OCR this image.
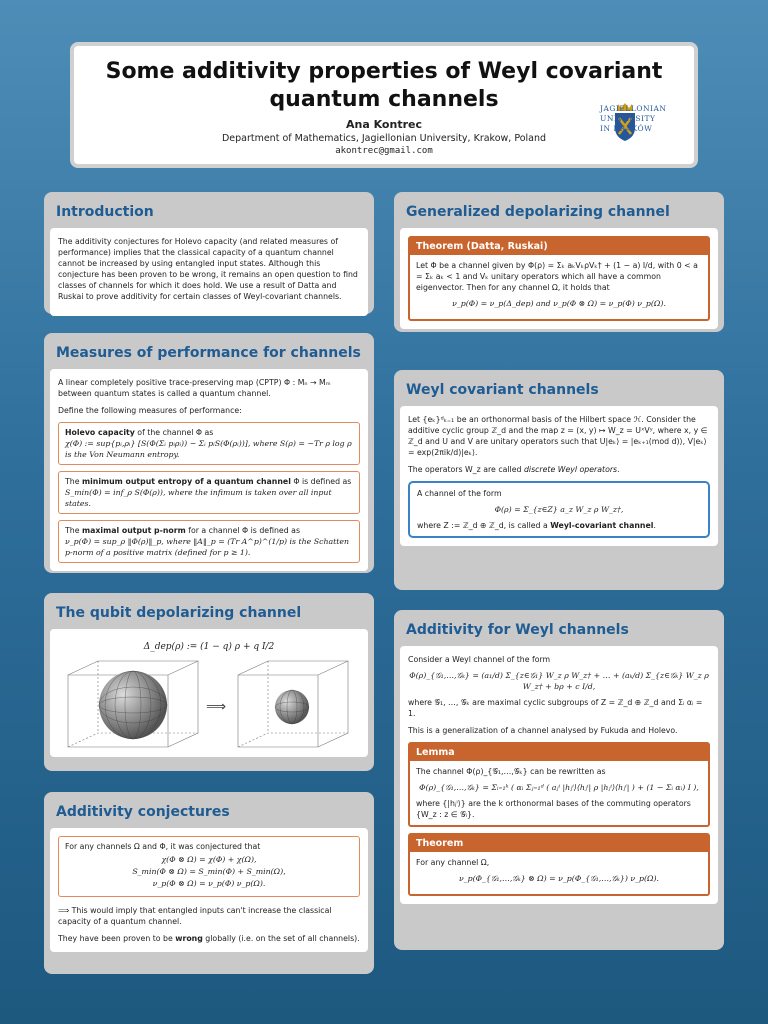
Some additivity properties of Weyl covariant quantum channels
Ana Kontrec
Department of Mathematics, Jagiellonian University, Krakow, Poland
akontrec@gmail.com
JAGIELLONIAN
UNIVERSITY
IN KRAKÓW
Introduction

The additivity conjectures for Holevo capacity (and related measures of performance) implies that the classical capacity of a quantum channel cannot be increased by using entangled input states. Although this conjecture has been proven to be wrong, it remains an open question to find classes of channels for which it does hold. We use a result of Datta and Ruskai to prove additivity for certain classes of Weyl-covariant channels.

Measures of performance for channels

A linear completely positive trace-preserving map (CPTP) Φ : Mₙ → Mₘ between quantum states is called a quantum channel.

Define the following measures of performance:

Holevo capacity of the channel Φ as
χ(Φ) := sup{pᵢ,ρᵢ} [S(Φ(Σᵢ pᵢρᵢ)) − Σᵢ pᵢS(Φ(ρᵢ))], where S(ρ) = −Tr ρ log ρ is the Von Neumann entropy.
The minimum output entropy of a quantum channel Φ is defined as
S_min(Φ) = inf_ρ S(Φ(ρ)), where the infimum is taken over all input states.
The maximal output p-norm for a channel Φ is defined as
ν_p(Φ) = sup_ρ ‖Φ(ρ)‖_p, where ‖A‖_p = (Tr A^p)^(1/p) is the Schatten p-norm of a positive matrix (defined for p ≥ 1).
The qubit depolarizing channel
Δ_dep(ρ) := (1 − q) ρ + q I/2
⟹
Additivity conjectures

For any channels Ω and Φ, it was conjectured that

χ(Φ ⊗ Ω) = χ(Φ) + χ(Ω),
S_min(Φ ⊗ Ω) = S_min(Φ) + S_min(Ω),
ν_p(Φ ⊗ Ω) = ν_p(Φ) ν_p(Ω).

⟹ This would imply that entangled inputs can't increase the classical capacity of a quantum channel.

They have been proven to be wrong globally (i.e. on the set of all channels).

Generalized depolarizing channel
Theorem (Datta, Ruskai)

Let Φ be a channel given by Φ(ρ) = Σₖ aₖVₖρVₖ† + (1 − a) I/d, with 0 < a = Σₖ aₖ < 1 and Vₖ unitary operators which all have a common eigenvector. Then for any channel Ω, it holds that

ν_p(Φ) = ν_p(Δ_dep) and ν_p(Φ ⊗ Ω) = ν_p(Φ) ν_p(Ω).
Weyl covariant channels

Let {eₖ}ᵈₖ₌₁ be an orthonormal basis of the Hilbert space ℋ. Consider the additive cyclic group ℤ_d and the map z = (x, y) ↦ W_z = UˣVʸ, where x, y ∈ ℤ_d and U and V are unitary operators such that U|eₖ⟩ = |eₖ₊₁(mod d)⟩, V|eₖ⟩ = exp(2πik/d)|eₖ⟩.

The operators W_z are called discrete Weyl operators.

A channel of the form
Φ(ρ) = Σ_{z∈Z} a_z W_z ρ W_z†,
where Z := ℤ_d ⊕ ℤ_d, is called a Weyl-covariant channel.
Additivity for Weyl channels

Consider a Weyl channel of the form

Φ(ρ)_{𝒢₁,…,𝒢ₖ} = (a₁/d) Σ_{z∈𝒢₁} W_z ρ W_z† + … + (aₖ/d) Σ_{z∈𝒢ₖ} W_z ρ W_z† + bρ + c I/d,

where 𝒢₁, …, 𝒢ₖ are maximal cyclic subgroups of Z = ℤ_d ⊕ ℤ_d and Σᵢ αᵢ = 1.

This is a generalization of a channel analysed by Fukuda and Holevo.

Lemma
The channel Φ(ρ)_{𝒢₁,…,𝒢ₖ} can be rewritten as
Φ(ρ)_{𝒢₁,…,𝒢ₖ} = Σᵢ₌₁ᵏ ( αᵢ Σⱼ₌₁ᵈ ( aⱼⁱ |hⱼⁱ⟩⟨hⱼⁱ| ρ |hⱼⁱ⟩⟨hⱼⁱ| ) + (1 − Σᵢ αᵢ) I ),
where {|hⱼⁱ⟩} are the k orthonormal bases of the commuting operators {W_z : z ∈ 𝒢ᵢ}.
Theorem
For any channel Ω,
ν_p(Φ_{𝒢₁,…,𝒢ₖ} ⊗ Ω) = ν_p(Φ_{𝒢₁,…,𝒢ₖ}) ν_p(Ω).
